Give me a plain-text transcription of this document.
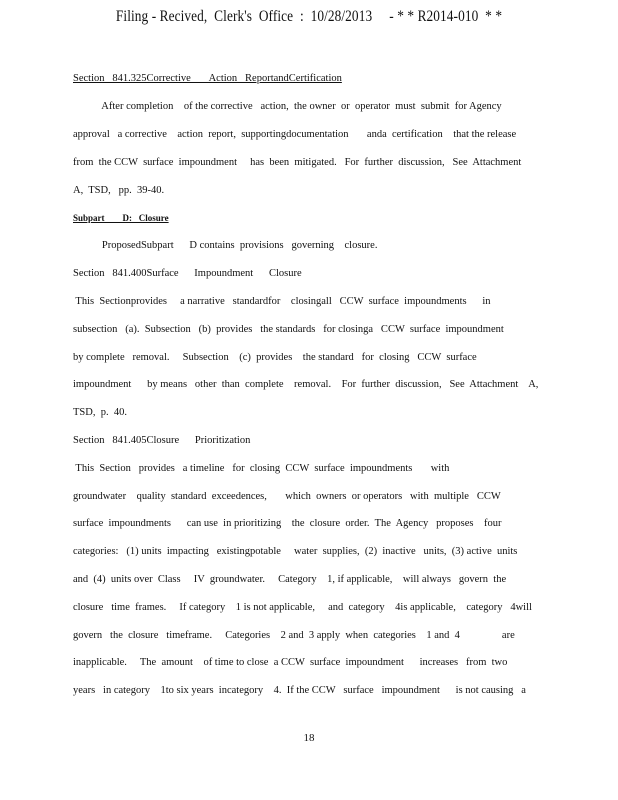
Filing - Recived,  Clerk's  Office  :  10/28/2013     - * * R2014-010  * *
Section   841.325Corrective       Action   ReportandCertification
After completion    of the corrective   action,  the owner  or  operator  must  submit  for Agency
approval   a corrective    action  report,  supportingdocumentation       anda  certification    that the release
from  the CCW  surface  impoundment     has  been  mitigated.   For  further  discussion,   See  Attachment
A,  TSD,   pp.  39-40.
Subpart        D:   Closure
ProposedSubpart      D contains  provisions   governing    closure.
Section   841.400Surface      Impoundment      Closure
This  Sectionprovides     a narrative   standardfor    closingall   CCW  surface  impoundments      in
subsection   (a).  Subsection   (b)  provides   the standards   for closinga   CCW  surface  impoundment
by complete   removal.     Subsection    (c)  provides    the standard   for  closing   CCW  surface
impoundment      by means   other  than  complete    removal.    For  further  discussion,   See  Attachment    A,
TSD,  p.  40.
Section   841.405Closure      Prioritization
This  Section   provides   a timeline   for  closing  CCW  surface  impoundments       with
groundwater    quality  standard  exceedences,       which  owners  or operators   with  multiple   CCW
surface  impoundments      can use  in prioritizing    the  closure  order.  The  Agency   proposes    four
categories:   (1) units  impacting   existingpotable     water  supplies,  (2)  inactive   units,  (3) active  units
and  (4)  units over  Class     IV  groundwater.     Category    1, if applicable,    will always   govern  the
closure   time  frames.     If category    1 is not applicable,     and  category    4is applicable,    category   4will
govern   the  closure   timeframe.     Categories    2 and  3 apply  when  categories    1 and  4                are
inapplicable.     The  amount    of time to close  a CCW  surface  impoundment      increases   from  two
years   in category    1to six years  incategory    4.  If the CCW   surface   impoundment      is not causing   a
18
